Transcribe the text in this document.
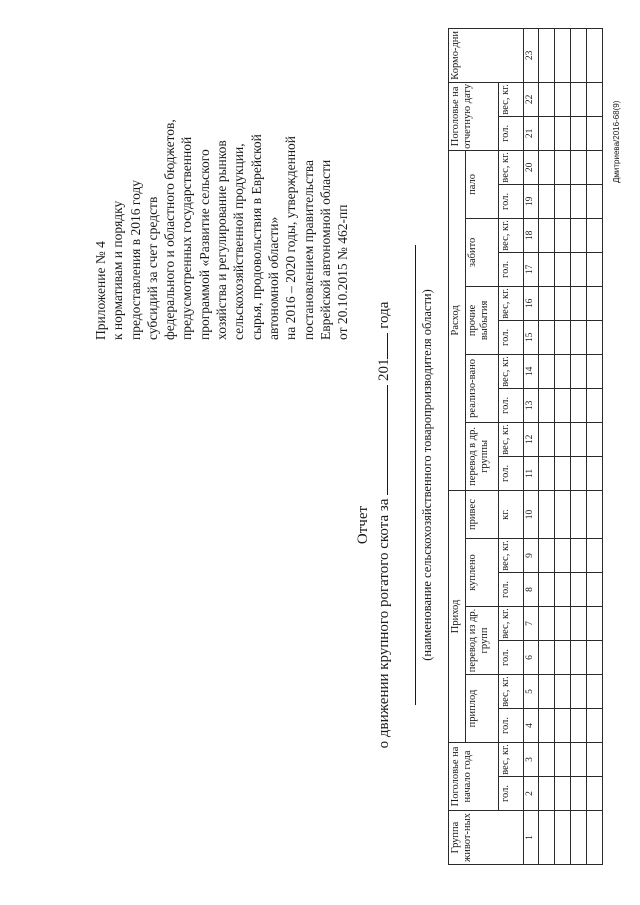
Приложение № 4 к нормативам и порядку предоставления в 2016 году субсидий за счет средств федерального и областного бюджетов, предусмотренных государственной программой «Развитие сельского хозяйства и регулирование рынков сельскохозяйственной продукции, сырья, продовольствия в Еврейской автономной области» на 2016 – 2020 годы, утвержденной постановлением правительства Еврейской автономной области от 20.10.2015 № 462-пп
Отчет о движении крупного рогатого скота за  201 года (наименование сельскохозяйственного товаропроизводителя области)
Группа живот-ных	Поголовье на начало года		Приход							Расход										Поголовье на отчетную дату		Кормо-дни
			приплод		перевод из др. групп		куплено		привес	перевод в др. группы		реализо-вано		прочие выбытия		забито		пало				
	гол.	вес, кг.	гол.	вес, кг.	гол.	вес, кг.	гол.	вес, кг.	кг.	гол.	вес, кг.	гол.	вес, кг.	гол.	вес, кг.	гол.	вес, кг.	гол.	вес, кг.	гол.	вес, кг.	
1	2	3	4	5	6	7	8	9	10	11	12	13	14	15	16	17	18	19	20	21	22	23

Дмитриева/2016-68(9)
